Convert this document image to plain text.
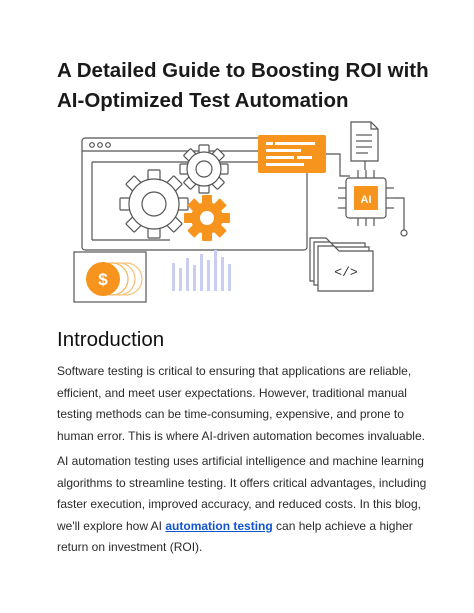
A Detailed Guide to Boosting ROI with AI-Optimized Test Automation
AI
</>
$
Introduction

Software testing is critical to ensuring that applications are reliable, efficient, and meet user expectations. However, traditional manual testing methods can be time-consuming, expensive, and prone to human error. This is where AI-driven automation becomes invaluable.

AI automation testing uses artificial intelligence and machine learning algorithms to streamline testing. It offers critical advantages, including faster execution, improved accuracy, and reduced costs. In this blog, we'll explore how AI automation testing can help achieve a higher return on investment (ROI).
